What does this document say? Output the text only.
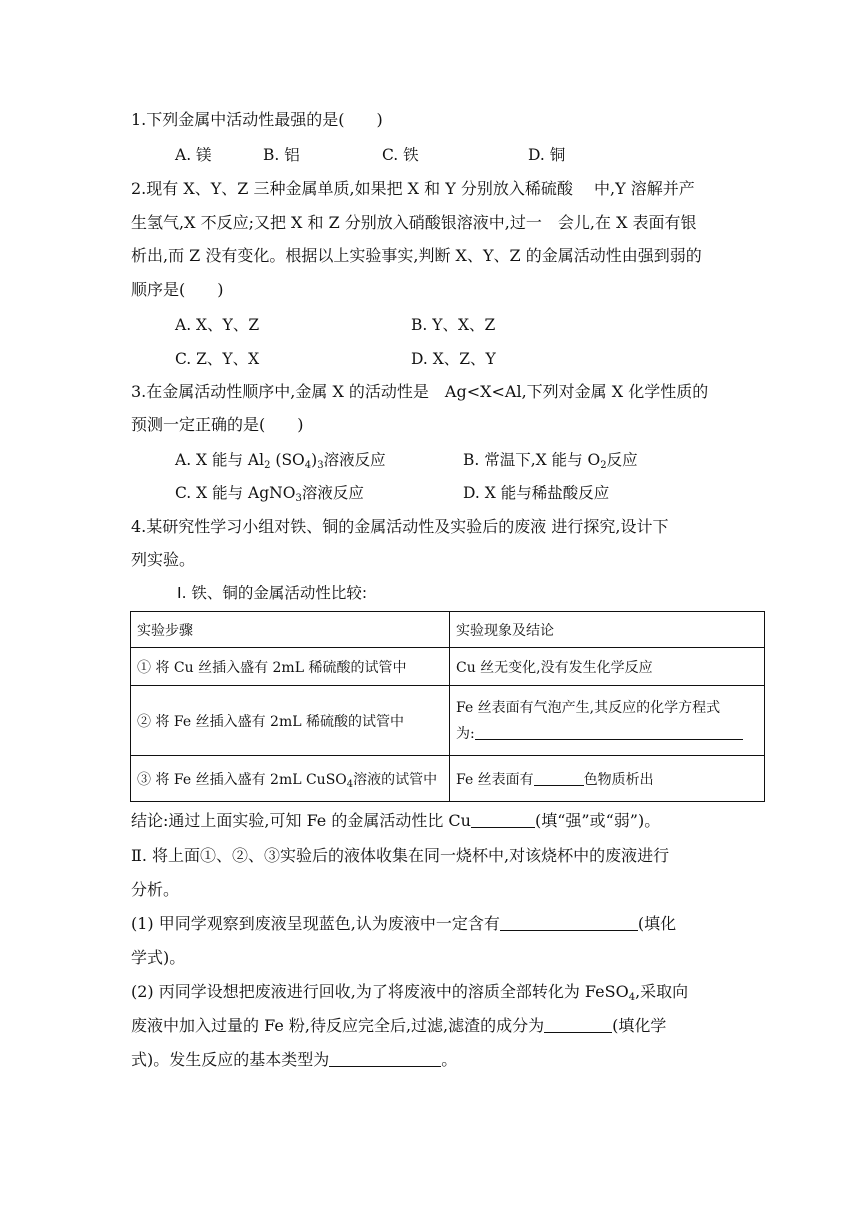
1.下列金属中活动性最强的是(　　)
A. 镁	B. 铝	C. 铁	D. 铜
2.现有 X、Y、Z 三种金属单质,如果把 X 和 Y 分别放入稀硫酸　 中,Y 溶解并产
生氢气,X 不反应;又把 X 和 Z 分别放入硝酸银溶液中,过一　会儿,在 X 表面有银
析出,而 Z 没有变化。根据以上实验事实,判断 X、Y、Z 的金属活动性由强到弱的
顺序是(　　)
A. X、Y、Z	B. Y、X、Z
C. Z、Y、X	D. X、Z、Y
3.在金属活动性顺序中,金属 X 的活动性是　Ag<X<Al,下列对金属 X 化学性质的
预测一定正确的是(　　)
A. X 能与 $Al_2$ $(SO_4)_3$溶液反应	B. 常温下,X 能与 $O_2$反应
C. X 能与 AgNO$_3$溶液反应	D. X 能与稀盐酸反应
4.某研究性学习小组对铁、铜的金属活动性及实验后的废液 进行探究,设计下
列实验。
Ⅰ. 铁、铜的金属活动性比较:
实验步骤	实验现象及结论
① 将 Cu 丝插入盛有 2mL 稀硫酸的试管中	Cu 丝无变化,没有发生化学反应
② 将 Fe 丝插入盛有 2mL 稀硫酸的试管中	Fe 丝表面有气泡产生,其反应的化学方程式
为:

③ 将 Fe 丝插入盛有 2mL CuSO$_4$溶液的试管中	Fe 丝表面有 色物质析出
结论:通过上面实验,可知 Fe 的金属活动性比 Cu	(填“强”或“弱”)。
Ⅱ. 将上面①、②、③实验后的液体收集在同一烧杯中,对该烧杯中的废液进行
分析。
(1) 甲同学观察到废液呈现蓝色,认为废液中一定含有	(填化
学式)。
(2) 丙同学设想把废液进行回收,为了将废液中的溶质全部转化为 FeSO$_4$,采取向
废液中加入过量的 Fe 粉,待反应完全后,过滤,滤渣的成分为	(填化学
式)。发生反应的基本类型为	。
